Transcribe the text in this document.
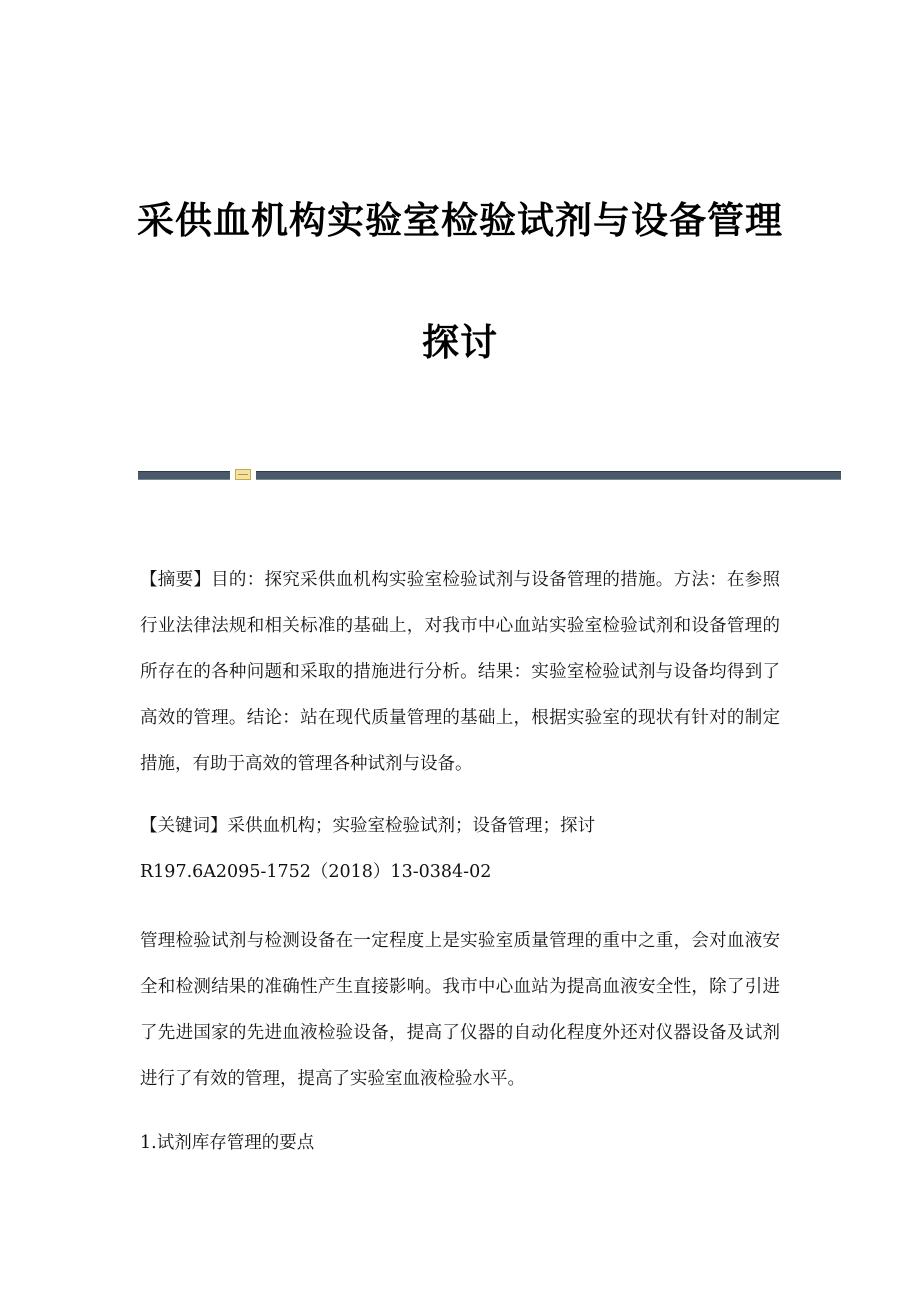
采供血机构实验室检验试剂与设备管理
探讨

【摘要】目的：探究采供血机构实验室检验试剂与设备管理的措施。方法：在参照行业法律法规和相关标准的基础上，对我市中心血站实验室检验试剂和设备管理的所存在的各种问题和采取的措施进行分析。结果：实验室检验试剂与设备均得到了高效的管理。结论：站在现代质量管理的基础上，根据实验室的现状有针对的制定措施，有助于高效的管理各种试剂与设备。

【关键词】采供血机构；实验室检验试剂；设备管理；探讨

R197.6A2095-1752（2018）13-0384-02

管理检验试剂与检测设备在一定程度上是实验室质量管理的重中之重，会对血液安全和检测结果的准确性产生直接影响。我市中心血站为提高血液安全性，除了引进了先进国家的先进血液检验设备，提高了仪器的自动化程度外还对仪器设备及试剂进行了有效的管理，提高了实验室血液检验水平。

1.试剂库存管理的要点
